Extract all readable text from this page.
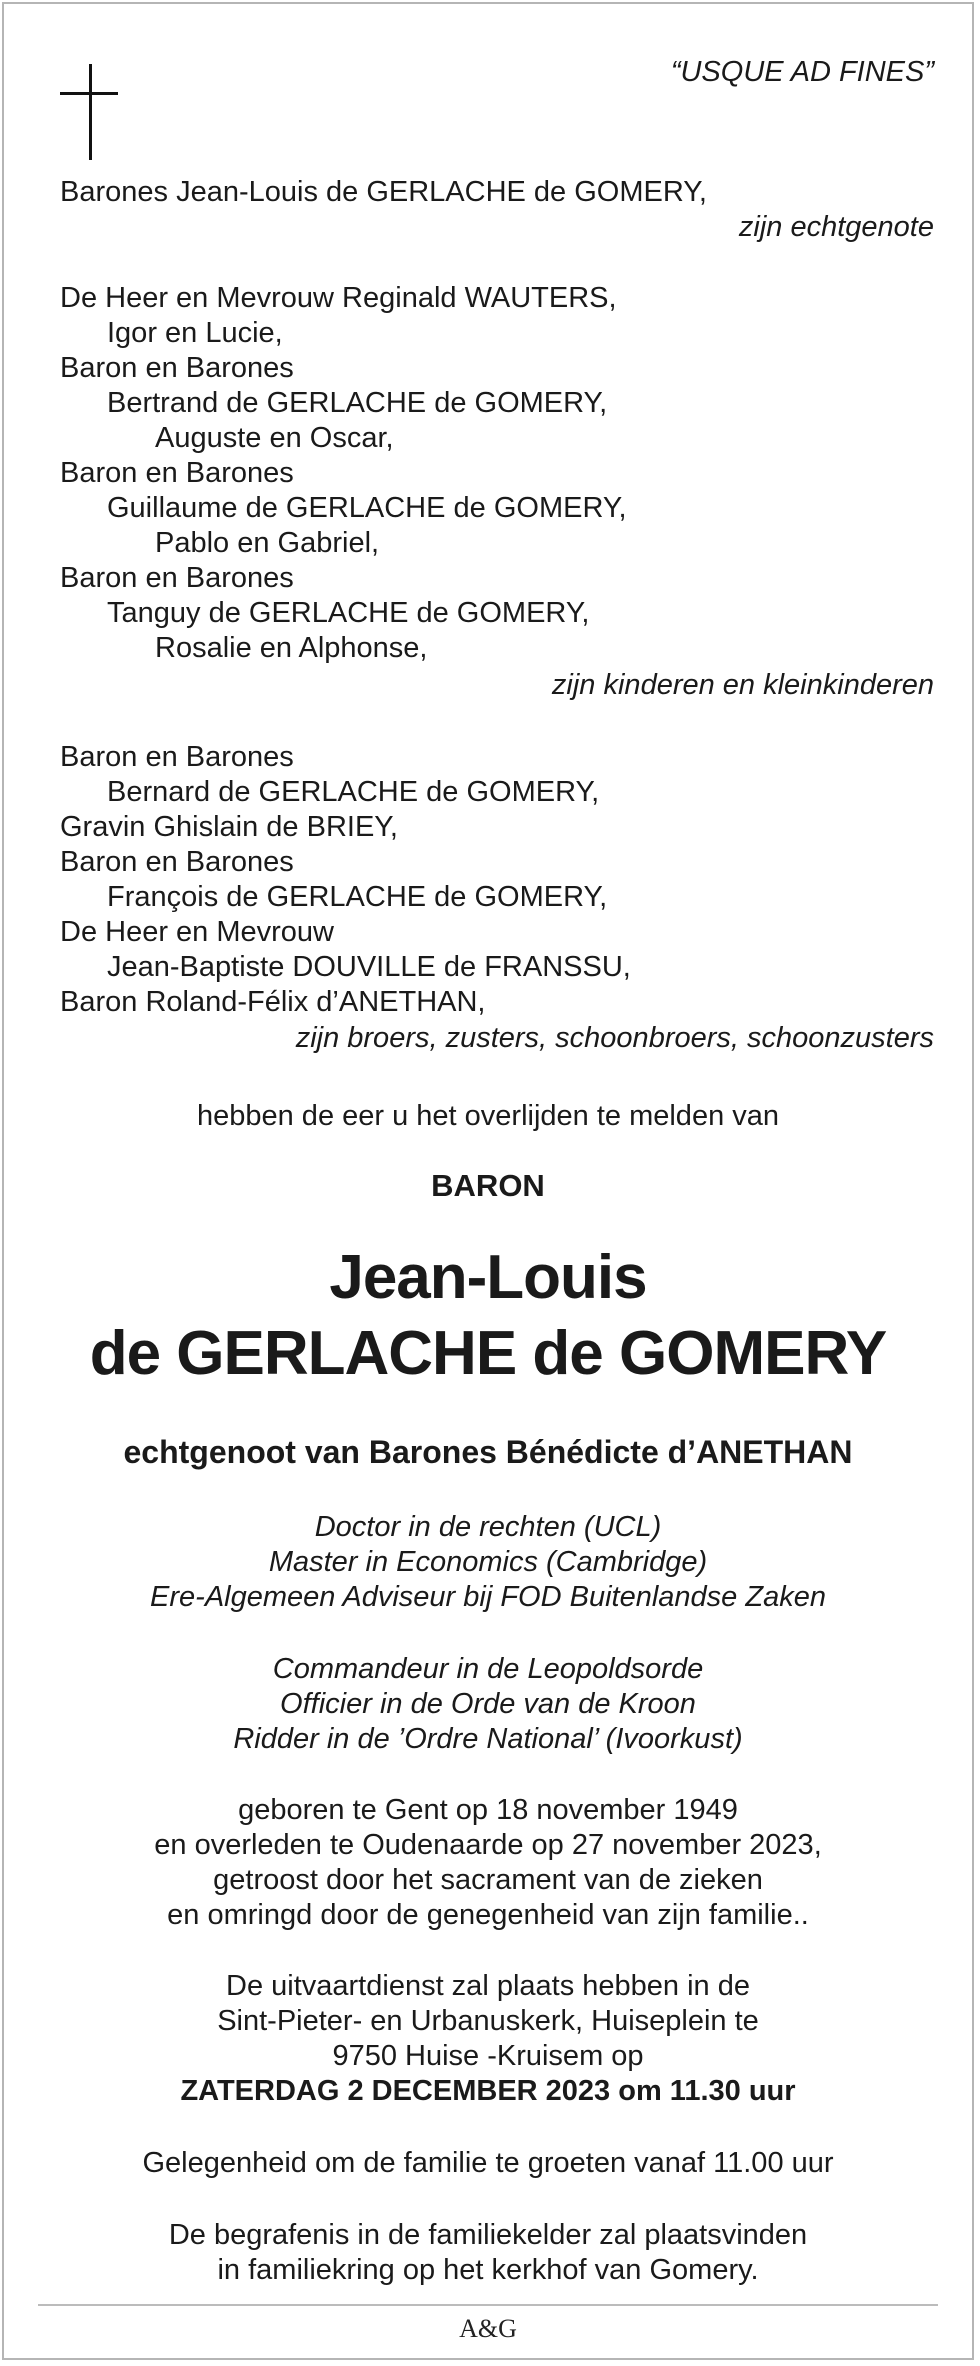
“USQUE AD FINES”
Barones Jean-Louis de GERLACHE de GOMERY,
zijn echtgenote
De Heer en Mevrouw Reginald WAUTERS,
Igor en Lucie,
Baron en Barones
Bertrand de GERLACHE de GOMERY,
Auguste en Oscar,
Baron en Barones
Guillaume de GERLACHE de GOMERY,
Pablo en Gabriel,
Baron en Barones
Tanguy de GERLACHE de GOMERY,
Rosalie en Alphonse,
zijn kinderen en kleinkinderen
Baron en Barones
Bernard de GERLACHE de GOMERY,
Gravin Ghislain de BRIEY,
Baron en Barones
François de GERLACHE de GOMERY,
De Heer en Mevrouw
Jean-Baptiste DOUVILLE de FRANSSU,
Baron Roland-Félix d’ANETHAN,
zijn broers, zusters, schoonbroers, schoonzusters
hebben de eer u het overlijden te melden van
BARON
Jean-Louis
de GERLACHE de GOMERY
echtgenoot van Barones Bénédicte d’ANETHAN
Doctor in de rechten (UCL)
Master in Economics (Cambridge)
Ere-Algemeen Adviseur bij FOD Buitenlandse Zaken
Commandeur in de Leopoldsorde
Officier in de Orde van de Kroon
Ridder in de ’Ordre National’ (Ivoorkust)
geboren te Gent op 18 november 1949
en overleden te Oudenaarde op 27 november 2023,
getroost door het sacrament van de zieken
en omringd door de genegenheid van zijn familie..
De uitvaartdienst zal plaats hebben in de
Sint-Pieter- en Urbanuskerk, Huiseplein te
9750 Huise -Kruisem op
ZATERDAG 2 DECEMBER 2023 om 11.30 uur
Gelegenheid om de familie te groeten vanaf 11.00 uur
De begrafenis in de familiekelder zal plaatsvinden
in familiekring op het kerkhof van Gomery.
A&G
